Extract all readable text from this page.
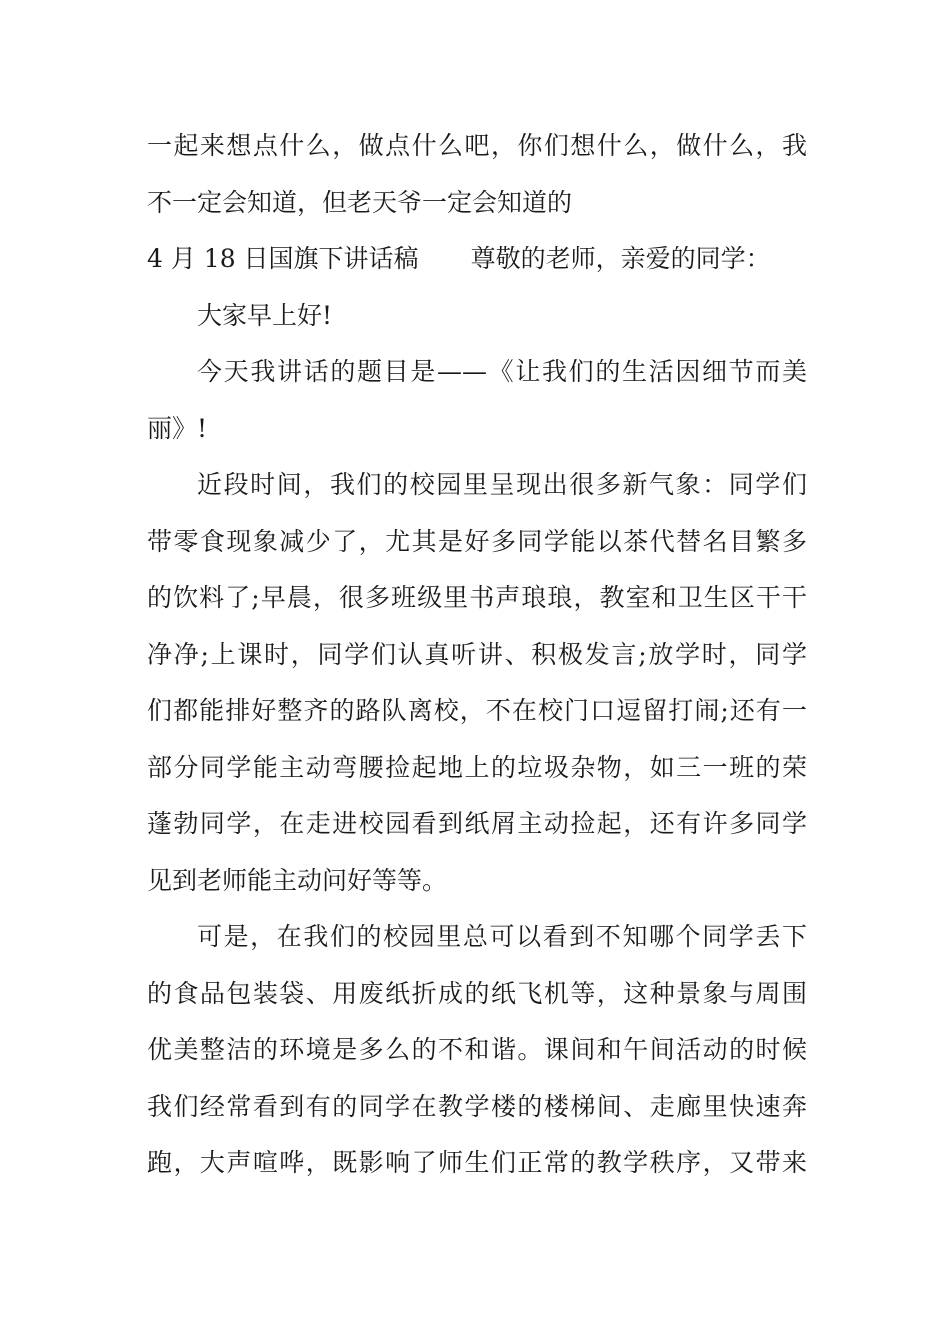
一起来想点什么，做点什么吧，你们想什么，做什么，我
不一定会知道，但老天爷一定会知道的
4 月 18 日国旗下讲话稿 尊敬的老师，亲爱的同学：
大家早上好!
今天我讲话的题目是——《让我们的生活因细节而美
丽》!
近段时间，我们的校园里呈现出很多新气象：同学们
带零食现象减少了，尤其是好多同学能以茶代替名目繁多
的饮料了;早晨，很多班级里书声琅琅，教室和卫生区干干
净净;上课时，同学们认真听讲、积极发言;放学时，同学
们都能排好整齐的路队离校，不在校门口逗留打闹;还有一
部分同学能主动弯腰捡起地上的垃圾杂物，如三一班的荣
蓬勃同学，在走进校园看到纸屑主动捡起，还有许多同学
见到老师能主动问好等等。
可是，在我们的校园里总可以看到不知哪个同学丢下
的食品包装袋、用废纸折成的纸飞机等，这种景象与周围
优美整洁的环境是多么的不和谐。课间和午间活动的时候
我们经常看到有的同学在教学楼的楼梯间、走廊里快速奔
跑，大声喧哗，既影响了师生们正常的教学秩序，又带来
